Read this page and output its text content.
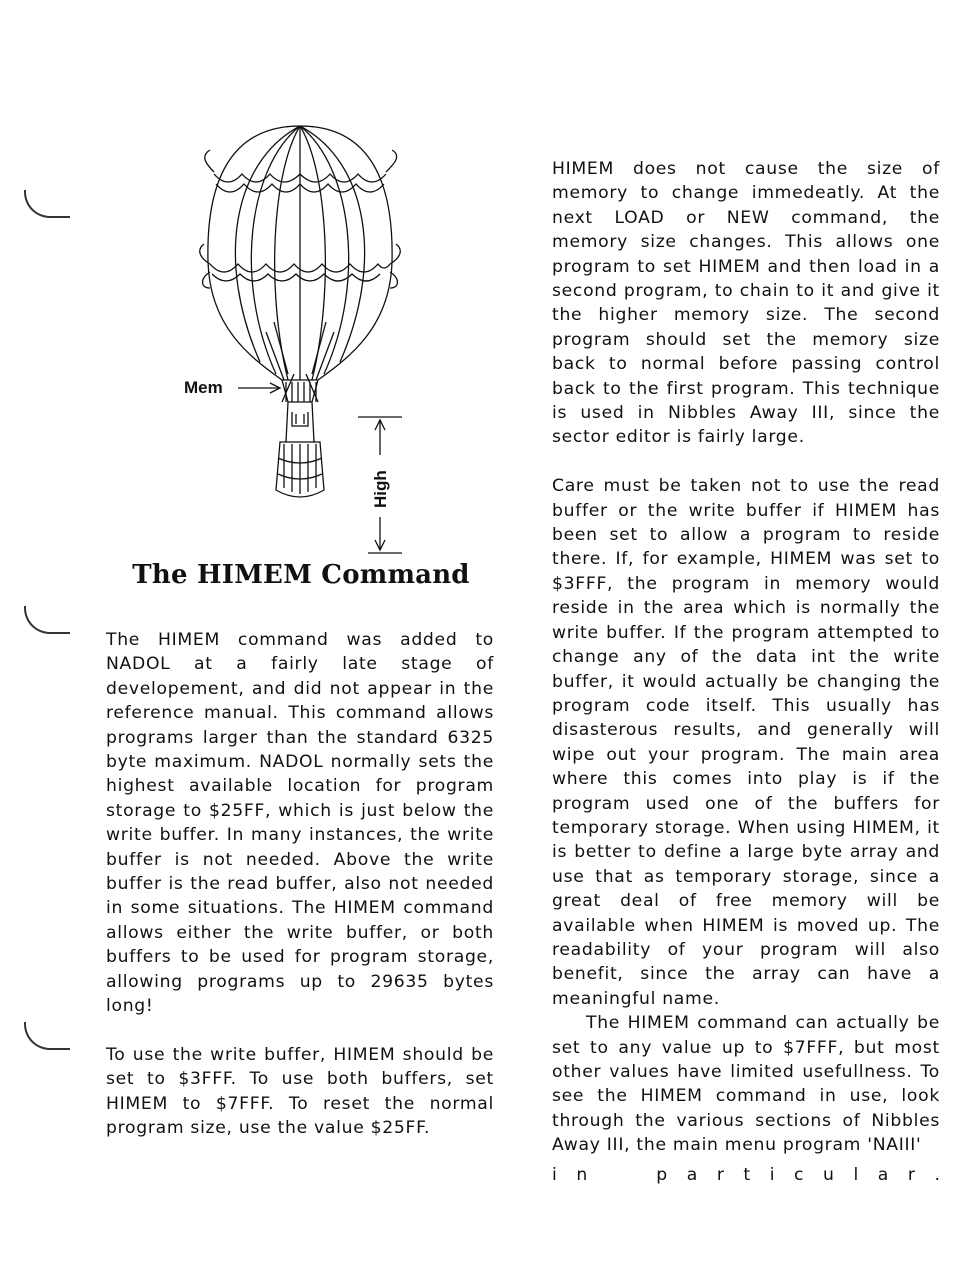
Mem
High
The HIMEM Command

The HIMEM command was added to NADOL at a fairly late stage of developement, and did not appear in the reference manual. This command allows programs larger than the standard 6325 byte maximum. NADOL normally sets the highest available location for program storage to $25FF, which is just below the write buffer. In many instances, the write buffer is not needed. Above the write buffer is the read buffer, also not needed in some situations. The HIMEM command allows either the write buffer, or both buffers to be used for program storage, allowing programs up to 29635 bytes long!

To use the write buffer, HIMEM should be set to $3FFF. To use both buffers, set HIMEM to $7FFF. To reset the normal program size, use the value $25FF.

HIMEM does not cause the size of memory to change immedeatly. At the next LOAD or NEW command, the memory size changes. This allows one program to set HIMEM and then load in a second program, to chain to it and give it the higher memory size. The second program should set the memory size back to normal before passing control back to the first program. This technique is used in Nibbles Away III, since the sector editor is fairly large.

Care must be taken not to use the read buffer or the write buffer if HIMEM has been set to allow a program to reside there. If, for example, HIMEM was set to $3FFF, the program in memory would reside in the area which is normally the write buffer. If the program attempted to change any of the data int the write buffer, it would actually be changing the program code itself. This usually has disasterous results, and generally will wipe out your program. The main area where this comes into play is if the program used one of the buffers for temporary storage. When using HIMEM, it is better to define a large byte array and use that as temporary storage, since a great deal of free memory will be available when HIMEM is moved up. The readability of your program will also benefit, since the array can have a meaningful name.

The HIMEM command can actually be set to any value up to $7FFF, but most other values have limited usefullness. To see the HIMEM command in use, look through the various sections of Nibbles Away III, the main menu program 'NAIII'

i n	p a r t i c u l a r .
